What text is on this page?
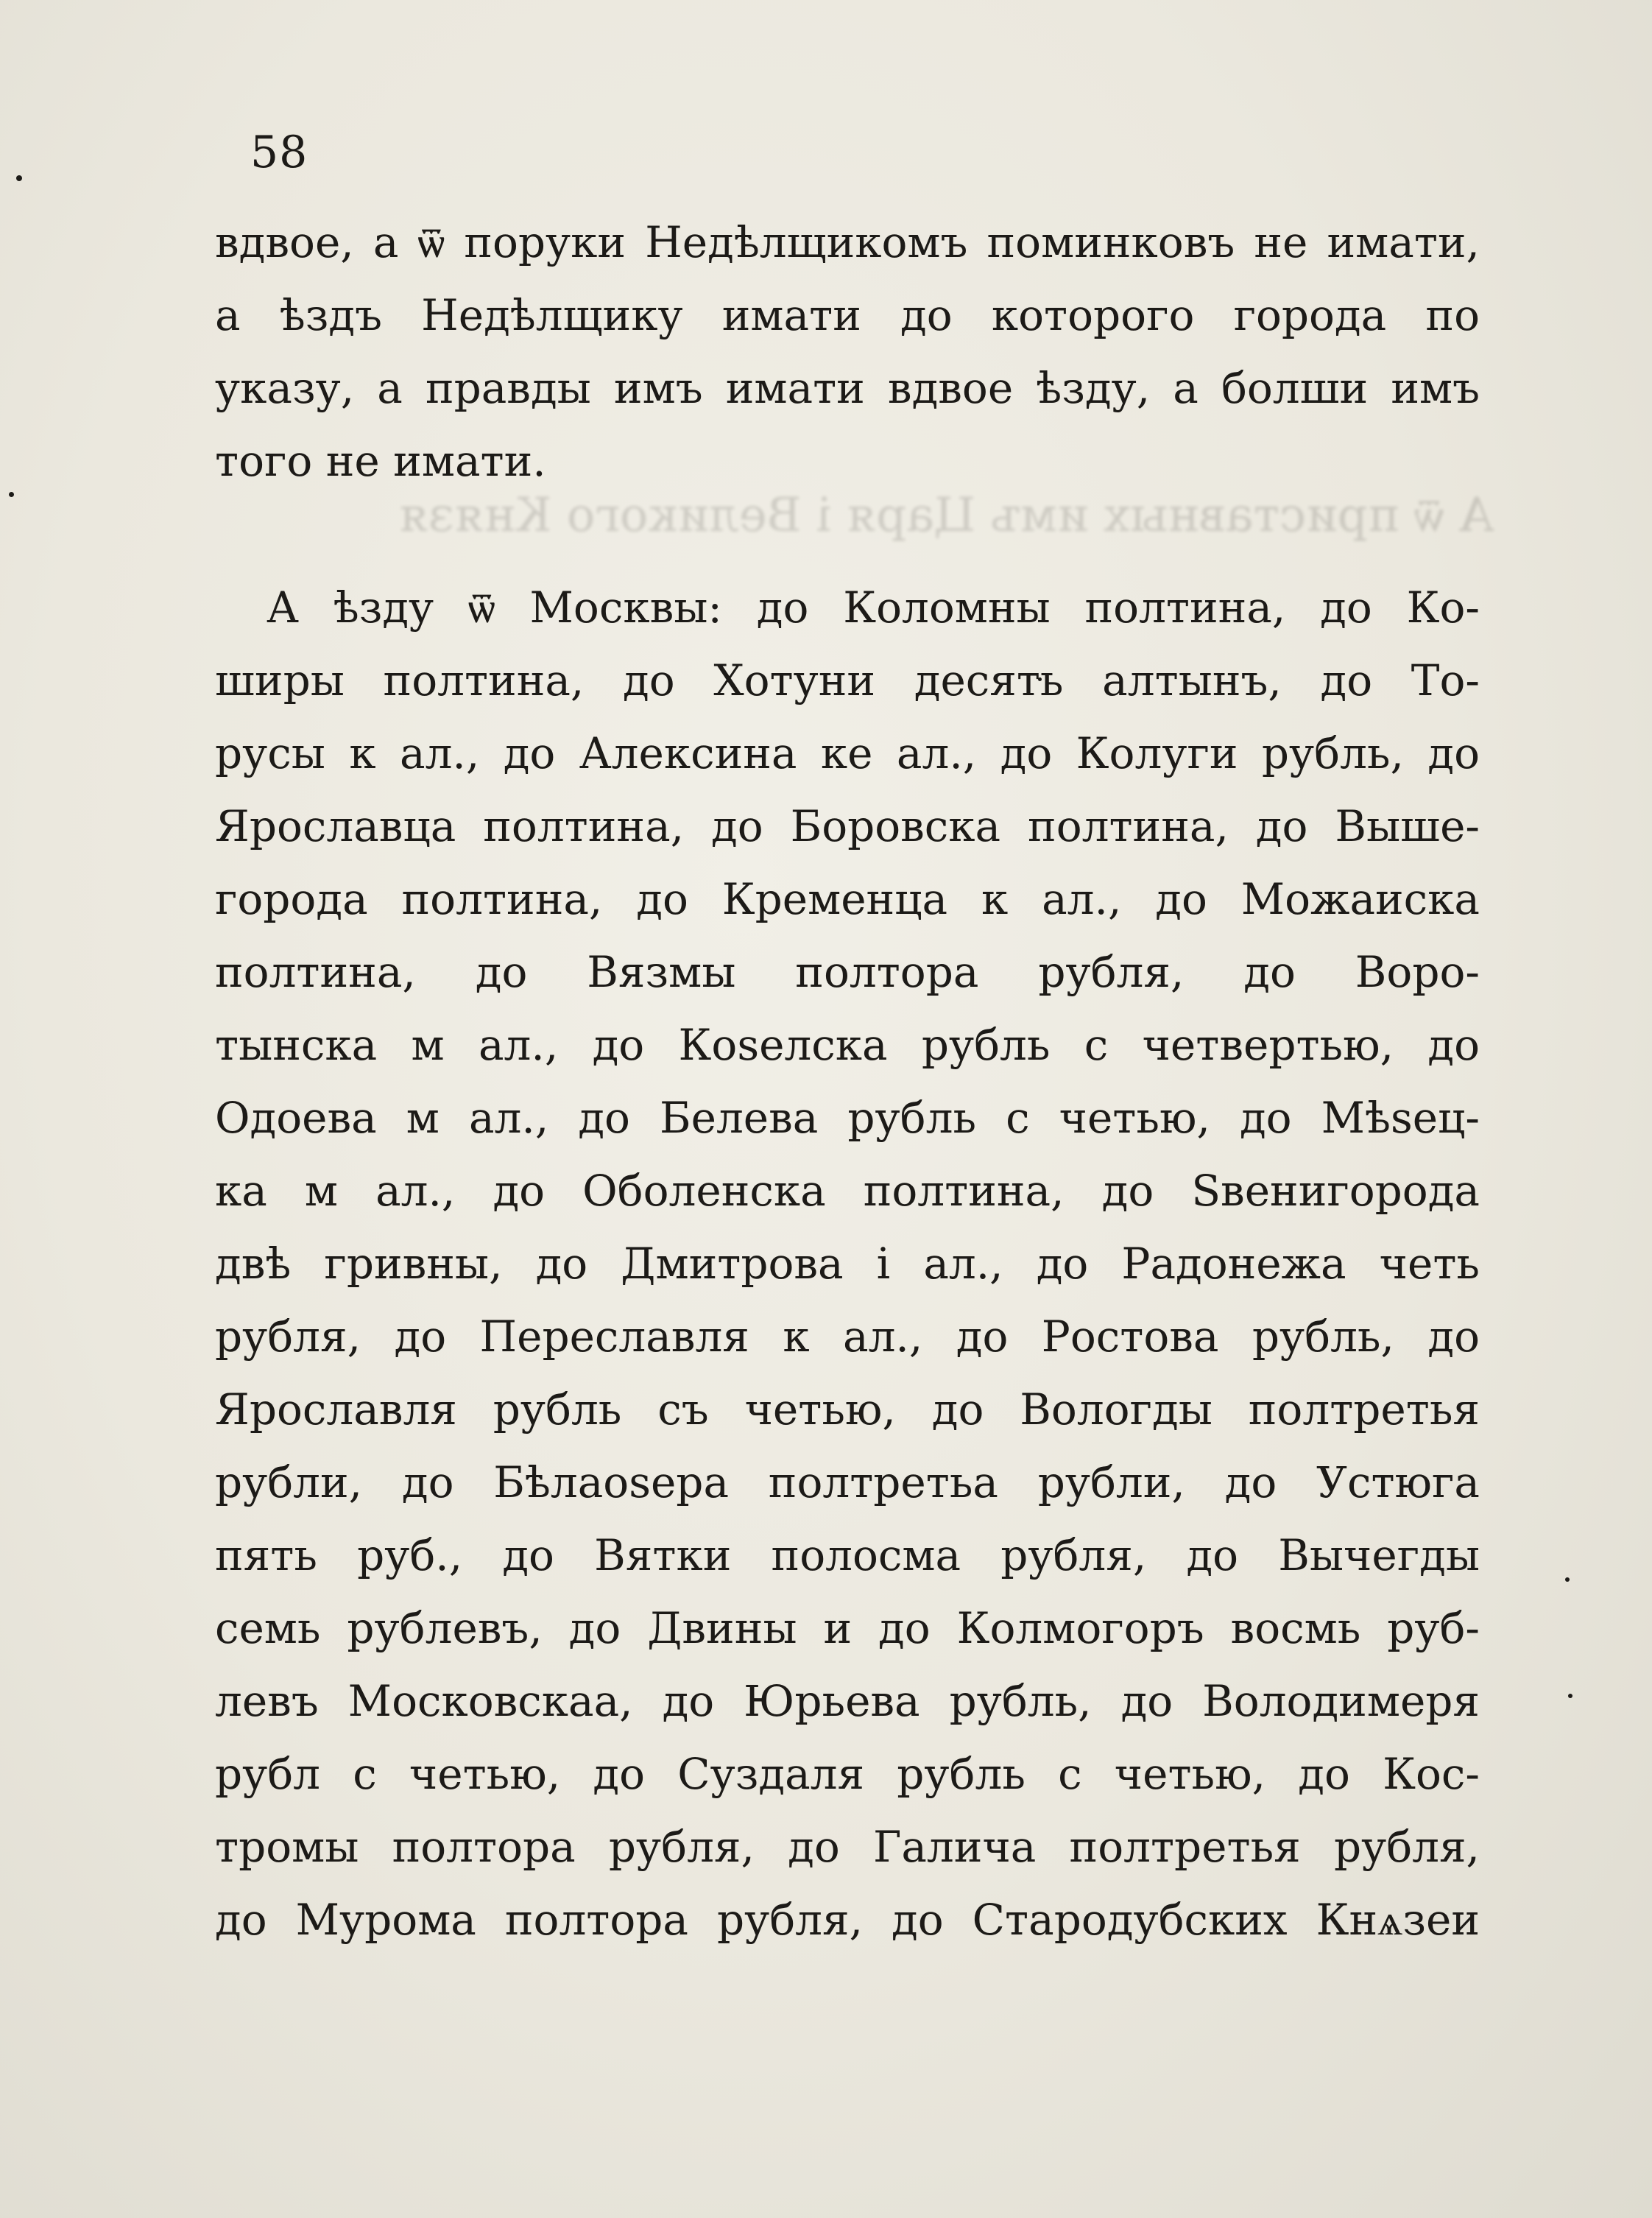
А ѿ приставных имъ Царя і Великого Князя
58
вдвое, а ѿ поруки Недѣлщикомъ поминковъ не имати,
а ѣздъ Недѣлщику имати до которого города по
указу, а правды имъ имати вдвое ѣзду, а болши имъ
того не имати.
А ѣзду ѿ Москвы: до Коломны полтина, до Ко-
ширы полтина, до Хотуни десять алтынъ, до То-
русы к ал., до Алексина ке ал., до Колуги рубль, до
Ярославца полтина, до Боровска полтина, до Выше-
города полтина, до Кременца к ал., до Можаиска
полтина, до Вязмы полтора рубля, до Воро-
тынска м ал., до Коѕелска рубль с четвертью, до
Одоева м ал., до Белева рубль с четью, до Мѣѕец-
ка м ал., до Оболенска полтина, до Ѕвенигорода
двѣ гривны, до Дмитрова і ал., до Радонежа четь
рубля, до Переславля к ал., до Ростова рубль, до
Ярославля рубль съ четью, до Вологды полтретья
рубли, до Бѣлаоѕера полтретьа рубли, до Устюга
пять руб., до Вятки полосма рубля, до Вычегды
семь рублевъ, до Двины и до Колмогоръ восмь руб-
левъ Московскаа, до Юрьева рубль, до Володимеря
рубл с четью, до Суздаля рубль с четью, до Кос-
тромы полтора рубля, до Галича полтретья рубля,
до Мурома полтора рубля, до Стародубских Кнѧзеи
